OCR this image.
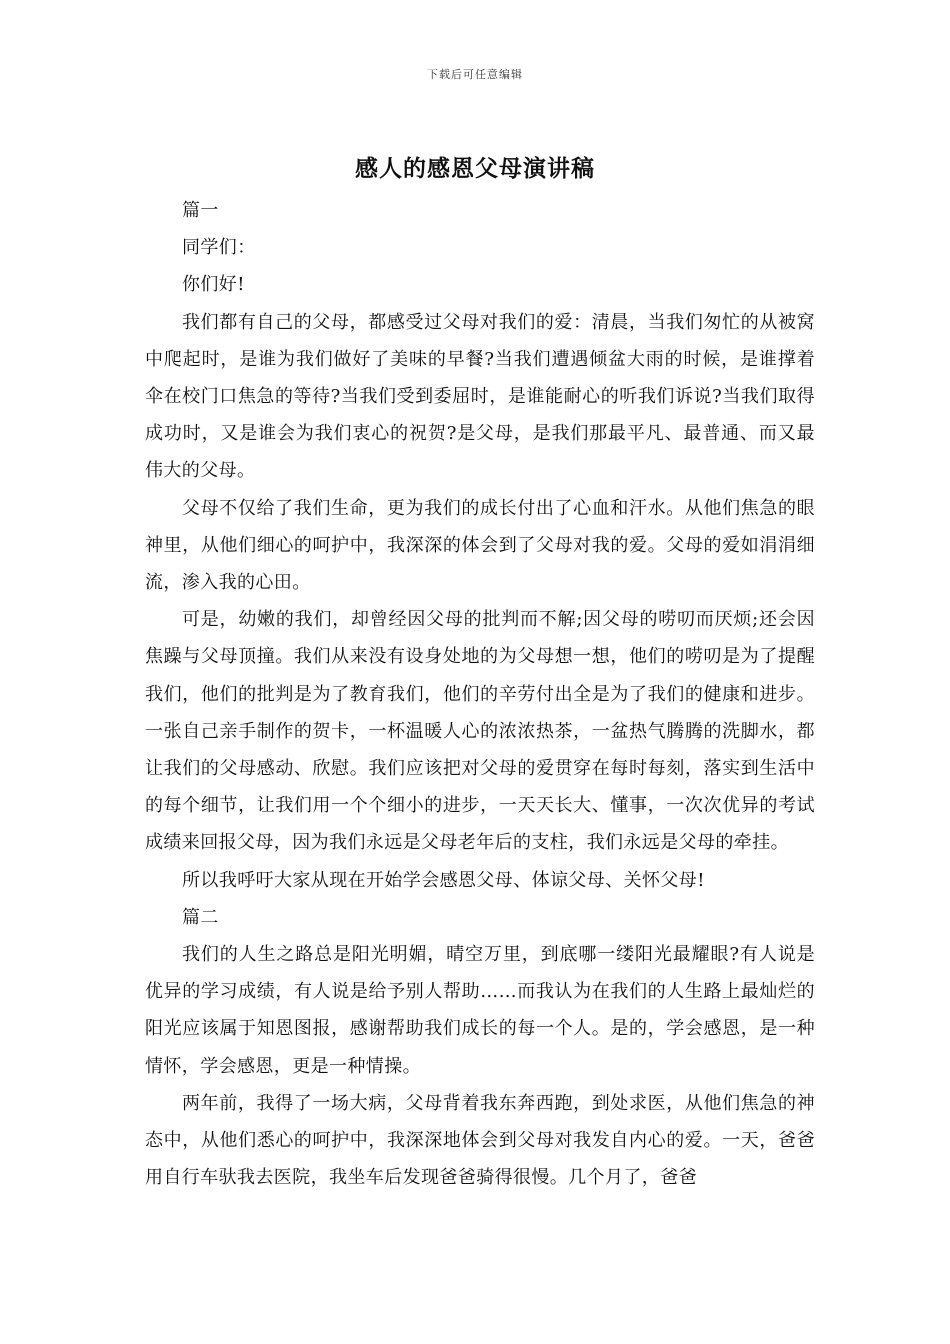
下载后可任意编辑
感人的感恩父母演讲稿

篇一

同学们：

你们好!

我们都有自己的父母，都感受过父母对我们的爱：清晨，当我们匆忙的从被窝中爬起时，是谁为我们做好了美味的早餐?当我们遭遇倾盆大雨的时候，是谁撑着伞在校门口焦急的等待?当我们受到委屈时，是谁能耐心的听我们诉说?当我们取得成功时，又是谁会为我们衷心的祝贺?是父母，是我们那最平凡、最普通、而又最伟大的父母。

父母不仅给了我们生命，更为我们的成长付出了心血和汗水。从他们焦急的眼神里，从他们细心的呵护中，我深深的体会到了父母对我的爱。父母的爱如涓涓细流，渗入我的心田。

可是，幼嫩的我们，却曾经因父母的批判而不解;因父母的唠叨而厌烦;还会因焦躁与父母顶撞。我们从来没有设身处地的为父母想一想，他们的唠叨是为了提醒我们，他们的批判是为了教育我们，他们的辛劳付出全是为了我们的健康和进步。一张自己亲手制作的贺卡，一杯温暖人心的浓浓热茶，一盆热气腾腾的洗脚水，都让我们的父母感动、欣慰。我们应该把对父母的爱贯穿在每时每刻，落实到生活中的每个细节，让我们用一个个细小的进步，一天天长大、懂事，一次次优异的考试成绩来回报父母，因为我们永远是父母老年后的支柱，我们永远是父母的牵挂。

所以我呼吁大家从现在开始学会感恩父母、体谅父母、关怀父母!

篇二

我们的人生之路总是阳光明媚，晴空万里，到底哪一缕阳光最耀眼?有人说是优异的学习成绩，有人说是给予别人帮助……而我认为在我们的人生路上最灿烂的阳光应该属于知恩图报，感谢帮助我们成长的每一个人。是的，学会感恩，是一种情怀，学会感恩，更是一种情操。

两年前，我得了一场大病，父母背着我东奔西跑，到处求医，从他们焦急的神态中，从他们悉心的呵护中，我深深地体会到父母对我发自内心的爱。一天，爸爸用自行车驮我去医院，我坐车后发现爸爸骑得很慢。几个月了，爸爸
